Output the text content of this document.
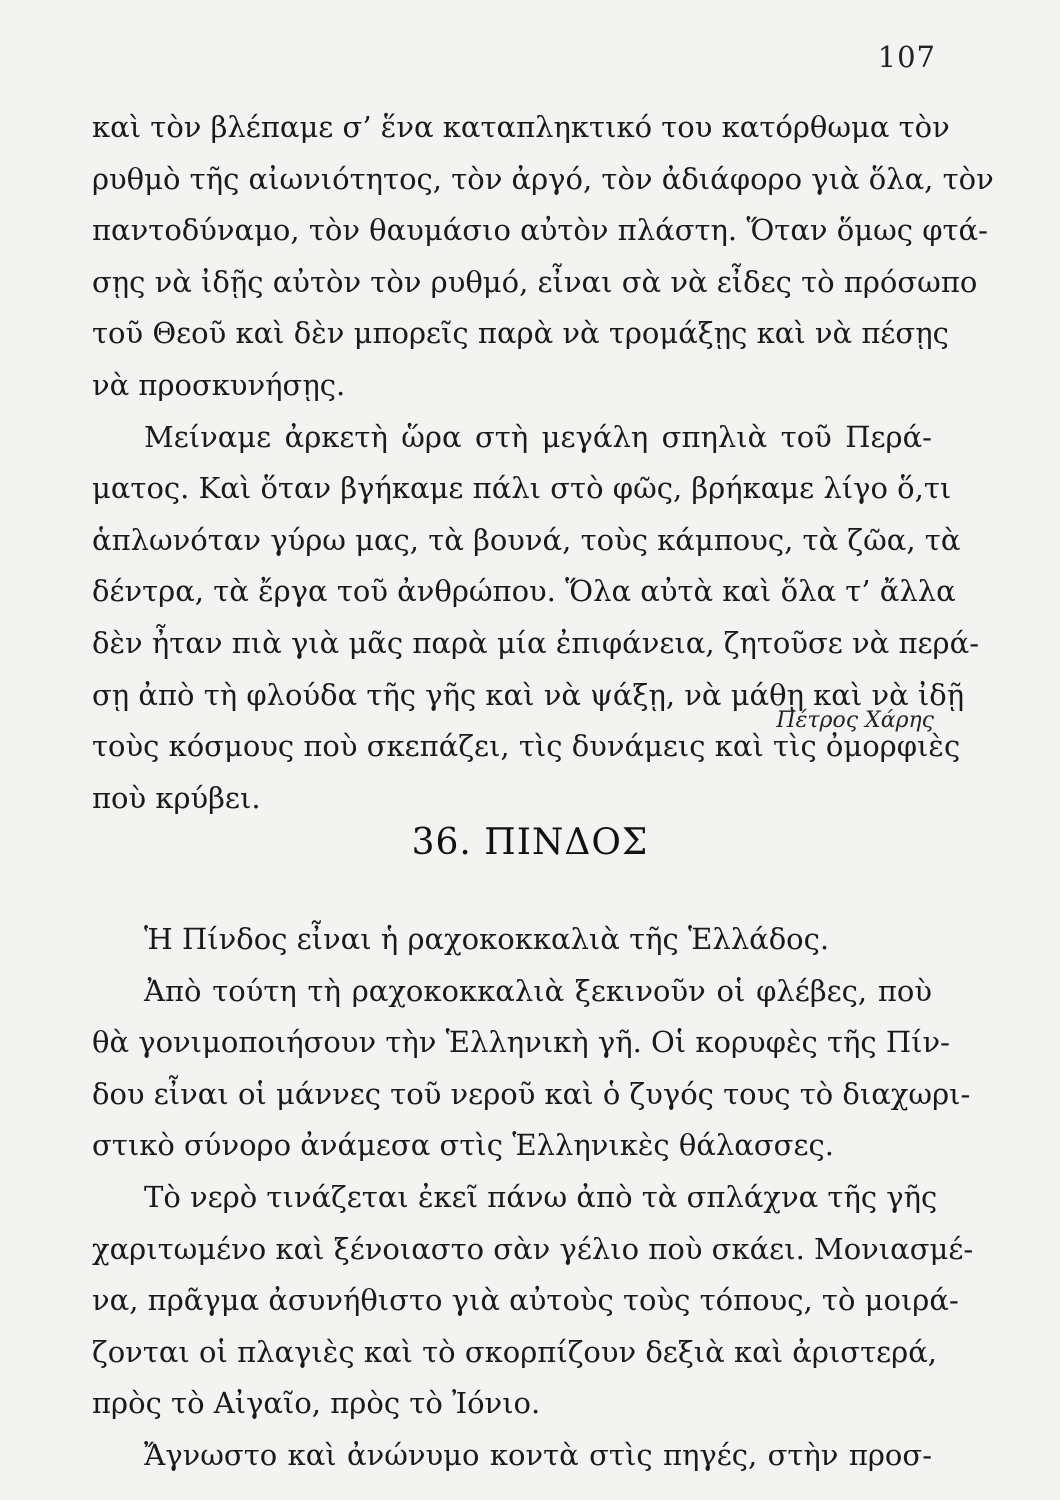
107
καὶ τὸν βλέπαμε σ’ ἕνα καταπληκτικό του κατόρθωμα τὸν
ρυθμὸ τῆς αἰωνιότητος, τὸν ἀργό, τὸν ἀδιάφορο γιὰ ὅλα, τὸν
παντοδύναμο, τὸν θαυμάσιο αὐτὸν πλάστη. Ὅταν ὅμως φτά-
σῃς νὰ ἰδῇς αὐτὸν τὸν ρυθμό, εἶναι σὰ νὰ εἶδες τὸ πρόσωπο
τοῦ Θεοῦ καὶ δὲν μπορεῖς παρὰ νὰ τρομάξῃς καὶ νὰ πέσῃς
νὰ προσκυνήσῃς.
Μείναμε ἀρκετὴ ὥρα στὴ μεγάλη σπηλιὰ τοῦ Περά-
ματος. Καὶ ὅταν βγήκαμε πάλι στὸ φῶς, βρήκαμε λίγο ὅ,τι
ἁπλωνόταν γύρω μας, τὰ βουνά, τοὺς κάμπους, τὰ ζῶα, τὰ
δέντρα, τὰ ἔργα τοῦ ἀνθρώπου. Ὅλα αὐτὰ καὶ ὅλα τ’ ἄλλα
δὲν ἦταν πιὰ γιὰ μᾶς παρὰ μία ἐπιφάνεια, ζητοῦσε νὰ περά-
σῃ ἀπὸ τὴ φλούδα τῆς γῆς καὶ νὰ ψάξῃ, νὰ μάθῃ καὶ νὰ ἰδῇ
τοὺς κόσμους ποὺ σκεπάζει, τὶς δυνάμεις καὶ τὶς ὀμορφιὲς
ποὺ κρύβει.
Πέτρος Χάρης
36. ΠΙΝΔΟΣ
Ἡ Πίνδος εἶναι ἡ ραχοκοκκαλιὰ τῆς Ἑλλάδος.
Ἀπὸ τούτη τὴ ραχοκοκκαλιὰ ξεκινοῦν οἱ φλέβες, ποὺ
θὰ γονιμοποιήσουν τὴν Ἑλληνικὴ γῆ. Οἱ κορυφὲς τῆς Πίν-
δου εἶναι οἱ μάννες τοῦ νεροῦ καὶ ὁ ζυγός τους τὸ διαχωρι-
στικὸ σύνορο ἀνάμεσα στὶς Ἑλληνικὲς θάλασσες.
Τὸ νερὸ τινάζεται ἐκεῖ πάνω ἀπὸ τὰ σπλάχνα τῆς γῆς
χαριτωμένο καὶ ξένοιαστο σὰν γέλιο ποὺ σκάει. Μονιασμέ-
να, πρᾶγμα ἀσυνήθιστο γιὰ αὐτοὺς τοὺς τόπους, τὸ μοιρά-
ζονται οἱ πλαγιὲς καὶ τὸ σκορπίζουν δεξιὰ καὶ ἀριστερά,
πρὸς τὸ Αἰγαῖο, πρὸς τὸ Ἰόνιο.
Ἄγνωστο καὶ ἀνώνυμο κοντὰ στὶς πηγές, στὴν προσ-
